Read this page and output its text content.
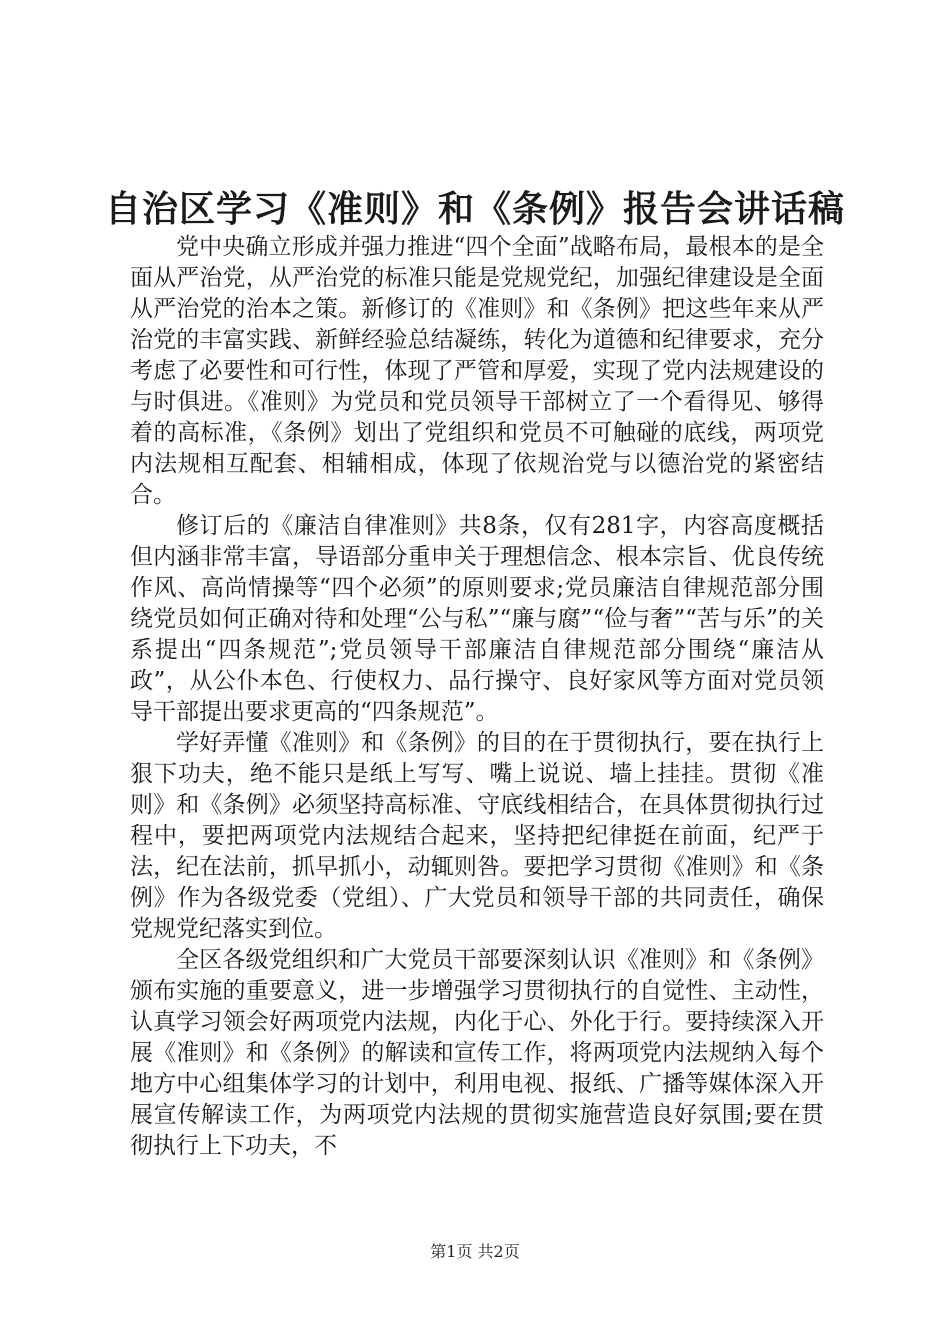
自治区学习《准则》和《条例》报告会讲话稿

党中央确立形成并强力推进“四个全面”战略布局，最根本的是全面从严治党，从严治党的标准只能是党规党纪，加强纪律建设是全面从严治党的治本之策。新修订的《准则》和《条例》把这些年来从严治党的丰富实践、新鲜经验总结凝练，转化为道德和纪律要求，充分考虑了必要性和可行性，体现了严管和厚爱，实现了党内法规建设的与时俱进。《准则》为党员和党员领导干部树立了一个看得见、够得着的高标准，《条例》划出了党组织和党员不可触碰的底线，两项党内法规相互配套、相辅相成，体现了依规治党与以德治党的紧密结合。

修订后的《廉洁自律准则》共8条，仅有281字，内容高度概括但内涵非常丰富，导语部分重申关于理想信念、根本宗旨、优良传统作风、高尚情操等“四个必须”的原则要求;党员廉洁自律规范部分围绕党员如何正确对待和处理“公与私”“廉与腐”“俭与奢”“苦与乐”的关系提出“四条规范”;党员领导干部廉洁自律规范部分围绕“廉洁从政”，从公仆本色、行使权力、品行操守、良好家风等方面对党员领导干部提出要求更高的“四条规范”。

学好弄懂《准则》和《条例》的目的在于贯彻执行，要在执行上狠下功夫，绝不能只是纸上写写、嘴上说说、墙上挂挂。贯彻《准则》和《条例》必须坚持高标准、守底线相结合，在具体贯彻执行过程中，要把两项党内法规结合起来，坚持把纪律挺在前面，纪严于法，纪在法前，抓早抓小，动辄则咎。要把学习贯彻《准则》和《条例》作为各级党委（党组）、广大党员和领导干部的共同责任，确保党规党纪落实到位。

全区各级党组织和广大党员干部要深刻认识《准则》和《条例》颁布实施的重要意义，进一步增强学习贯彻执行的自觉性、主动性，认真学习领会好两项党内法规，内化于心、外化于行。要持续深入开展《准则》和《条例》的解读和宣传工作，将两项党内法规纳入每个地方中心组集体学习的计划中，利用电视、报纸、广播等媒体深入开展宣传解读工作，为两项党内法规的贯彻实施营造良好氛围;要在贯彻执行上下功夫，不

第1页 共2页
